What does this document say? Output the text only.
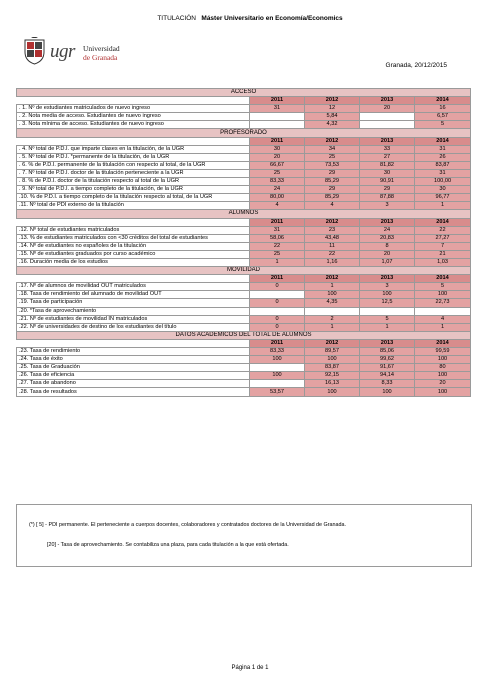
TITULACIÓN Máster Universitario en Economía/Economics
ugr Universidad
de Granada
Granada, 20/12/2015
ACCESO				
	2011	2012	2013	2014
. 1. Nº de estudiantes matriculados de nuevo ingreso	31	12	20	16
. 2. Nota media de acceso. Estudiantes de nuevo ingreso		5,84		6,57
. 3. Nota mínima de acceso. Estudiantes de nuevo ingreso		4,32		5
PROFESORADO				
	2011	2012	2013	2014
. 4. Nº total de P.D.I. que imparte clases en la titulación, de la UGR	30	34	33	31
. 5. Nº total de P.D.I. *permanente de la titulación, de la UGR	20	25	27	26
. 6. % de P.D.I. permanente de la titulación con respecto al total, de la UGR	66,67	73,53	81,82	83,87
. 7. Nº total de P.D.I. doctor de la titulación perteneciente a la UGR	25	29	30	31
. 8. % de P.D.I. doctor de la titulación respecto al total de la UGR	83,33	85,29	90,91	100,00
. 9. Nº total de P.D.I. a tiempo completo de la titulación, de la UGR	24	29	29	30
.10. % de P.D.I. a tiempo completo de la titulación respecto al total, de la UGR	80,00	85,29	87,88	96,77
.11. Nº total de PDI externo de la titulación	4	4	3	1
ALUMNOS				
	2011	2012	2013	2014
.12. Nº total de estudiantes matriculados	31	23	24	22
.13. % de estudiantes matriculados con <30 créditos del total de estudiantes	58,06	43,48	20,83	27,27
.14. Nº de estudiantes no españoles de la titulación	22	11	8	7
.15. Nº de estudiantes graduados por curso académico	25	22	20	21
.16. Duración media de los estudios	1	1,16	1,07	1,03
MOVILIDAD				
	2011	2012	2013	2014
.17. Nº de alumnos de movilidad OUT matriculados	0	1	3	5
.18. Tasa de rendimiento del alumnado de movilidad OUT		100	100	100
.19. Tasa de participación	0	4,35	12,5	22,73
.20. *Tasa de aprovechamiento				
.21. Nº de estudiantes de movilidad IN matriculados	0	2	5	4
.22. Nº de universidades de destino de los estudiantes del título	0	1	1	1
DATOS ACADÉMICOS DEL TOTAL DE ALUMNOS				
	2011	2012	2013	2014
.23. Tasa de rendimiento	83,33	89,57	85,06	99,59
.24. Tasa de éxito	100	100	99,62	100
.25. Tasa de Graduación		83,87	91,67	80
.26. Tasa de eficiencia	100	92,15	94,14	100
.27. Tasa de abandono		16,13	8,33	20
.28. Tasa de resultados	53,57	100	100	100
(*) [ 5] - PDI permanente. El perteneciente a cuerpos docentes, colaboradores y contratados doctores de la Universidad de Granada.
[20] - Tasa de aprovechamiento. Se contabiliza una plaza, para cada titulación a la que está ofertada.
Página 1 de 1
